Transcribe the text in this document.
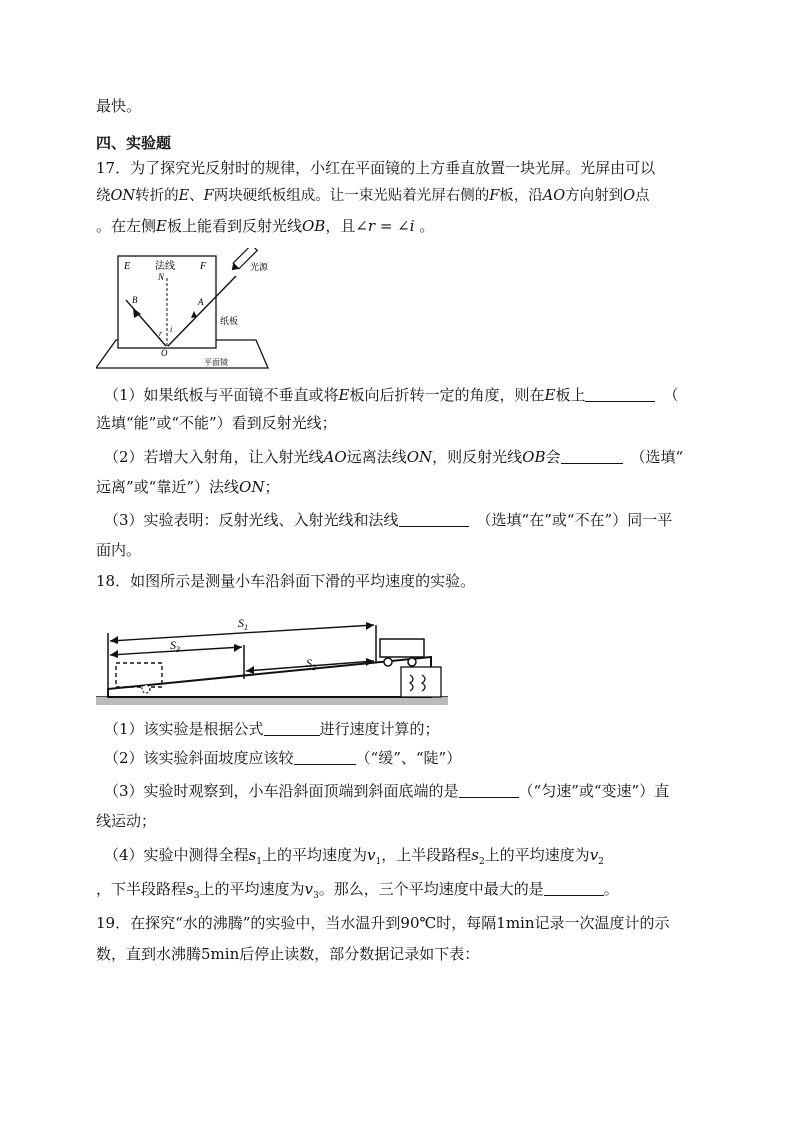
最快。
四、实验题
17．为了探究光反射时的规律，小红在平面镜的上方垂直放置一块光屏。光屏由可以
绕ON转折的E、F两块硬纸板组成。让一束光贴着光屏右侧的F板，沿AO方向射到O点
。在左侧E板上能看到反射光线OB，且∠r = ∠i 。
E 法线	F
N
光源
B	A
纸板
r i
O
平面镜
（1）如果纸板与平面镜不垂直或将E板向后折转一定的角度，则在E板上	（
选填“能”或“不能”）看到反射光线；
（2）若增大入射角，让入射光线AO远离法线ON，则反射光线OB会	（选填“
远离”或“靠近”）法线ON；
（3）实验表明：反射光线、入射光线和法线	（选填“在”或“不在”）同一平
面内。
18．如图所示是测量小车沿斜面下滑的平均速度的实验。
$S_1$
$S_3$
$S_2$
（1）该实验是根据公式	进行速度计算的；
（2）该实验斜面坡度应该较	（“缓”、“陡”）
（3）实验时观察到，小车沿斜面顶端到斜面底端的是	（“匀速”或“变速”）直
线运动；
（4）实验中测得全程$s_1$上的平均速度为$v_1$，上半段路程$s_2$上的平均速度为$v_2$
，下半段路程$s_3$上的平均速度为$v_3$。那么，三个平均速度中最大的是	。
19．在探究“水的沸腾”的实验中，当水温升到90℃时，每隔1min记录一次温度计的示
数，直到水沸腾5min后停止读数，部分数据记录如下表：
